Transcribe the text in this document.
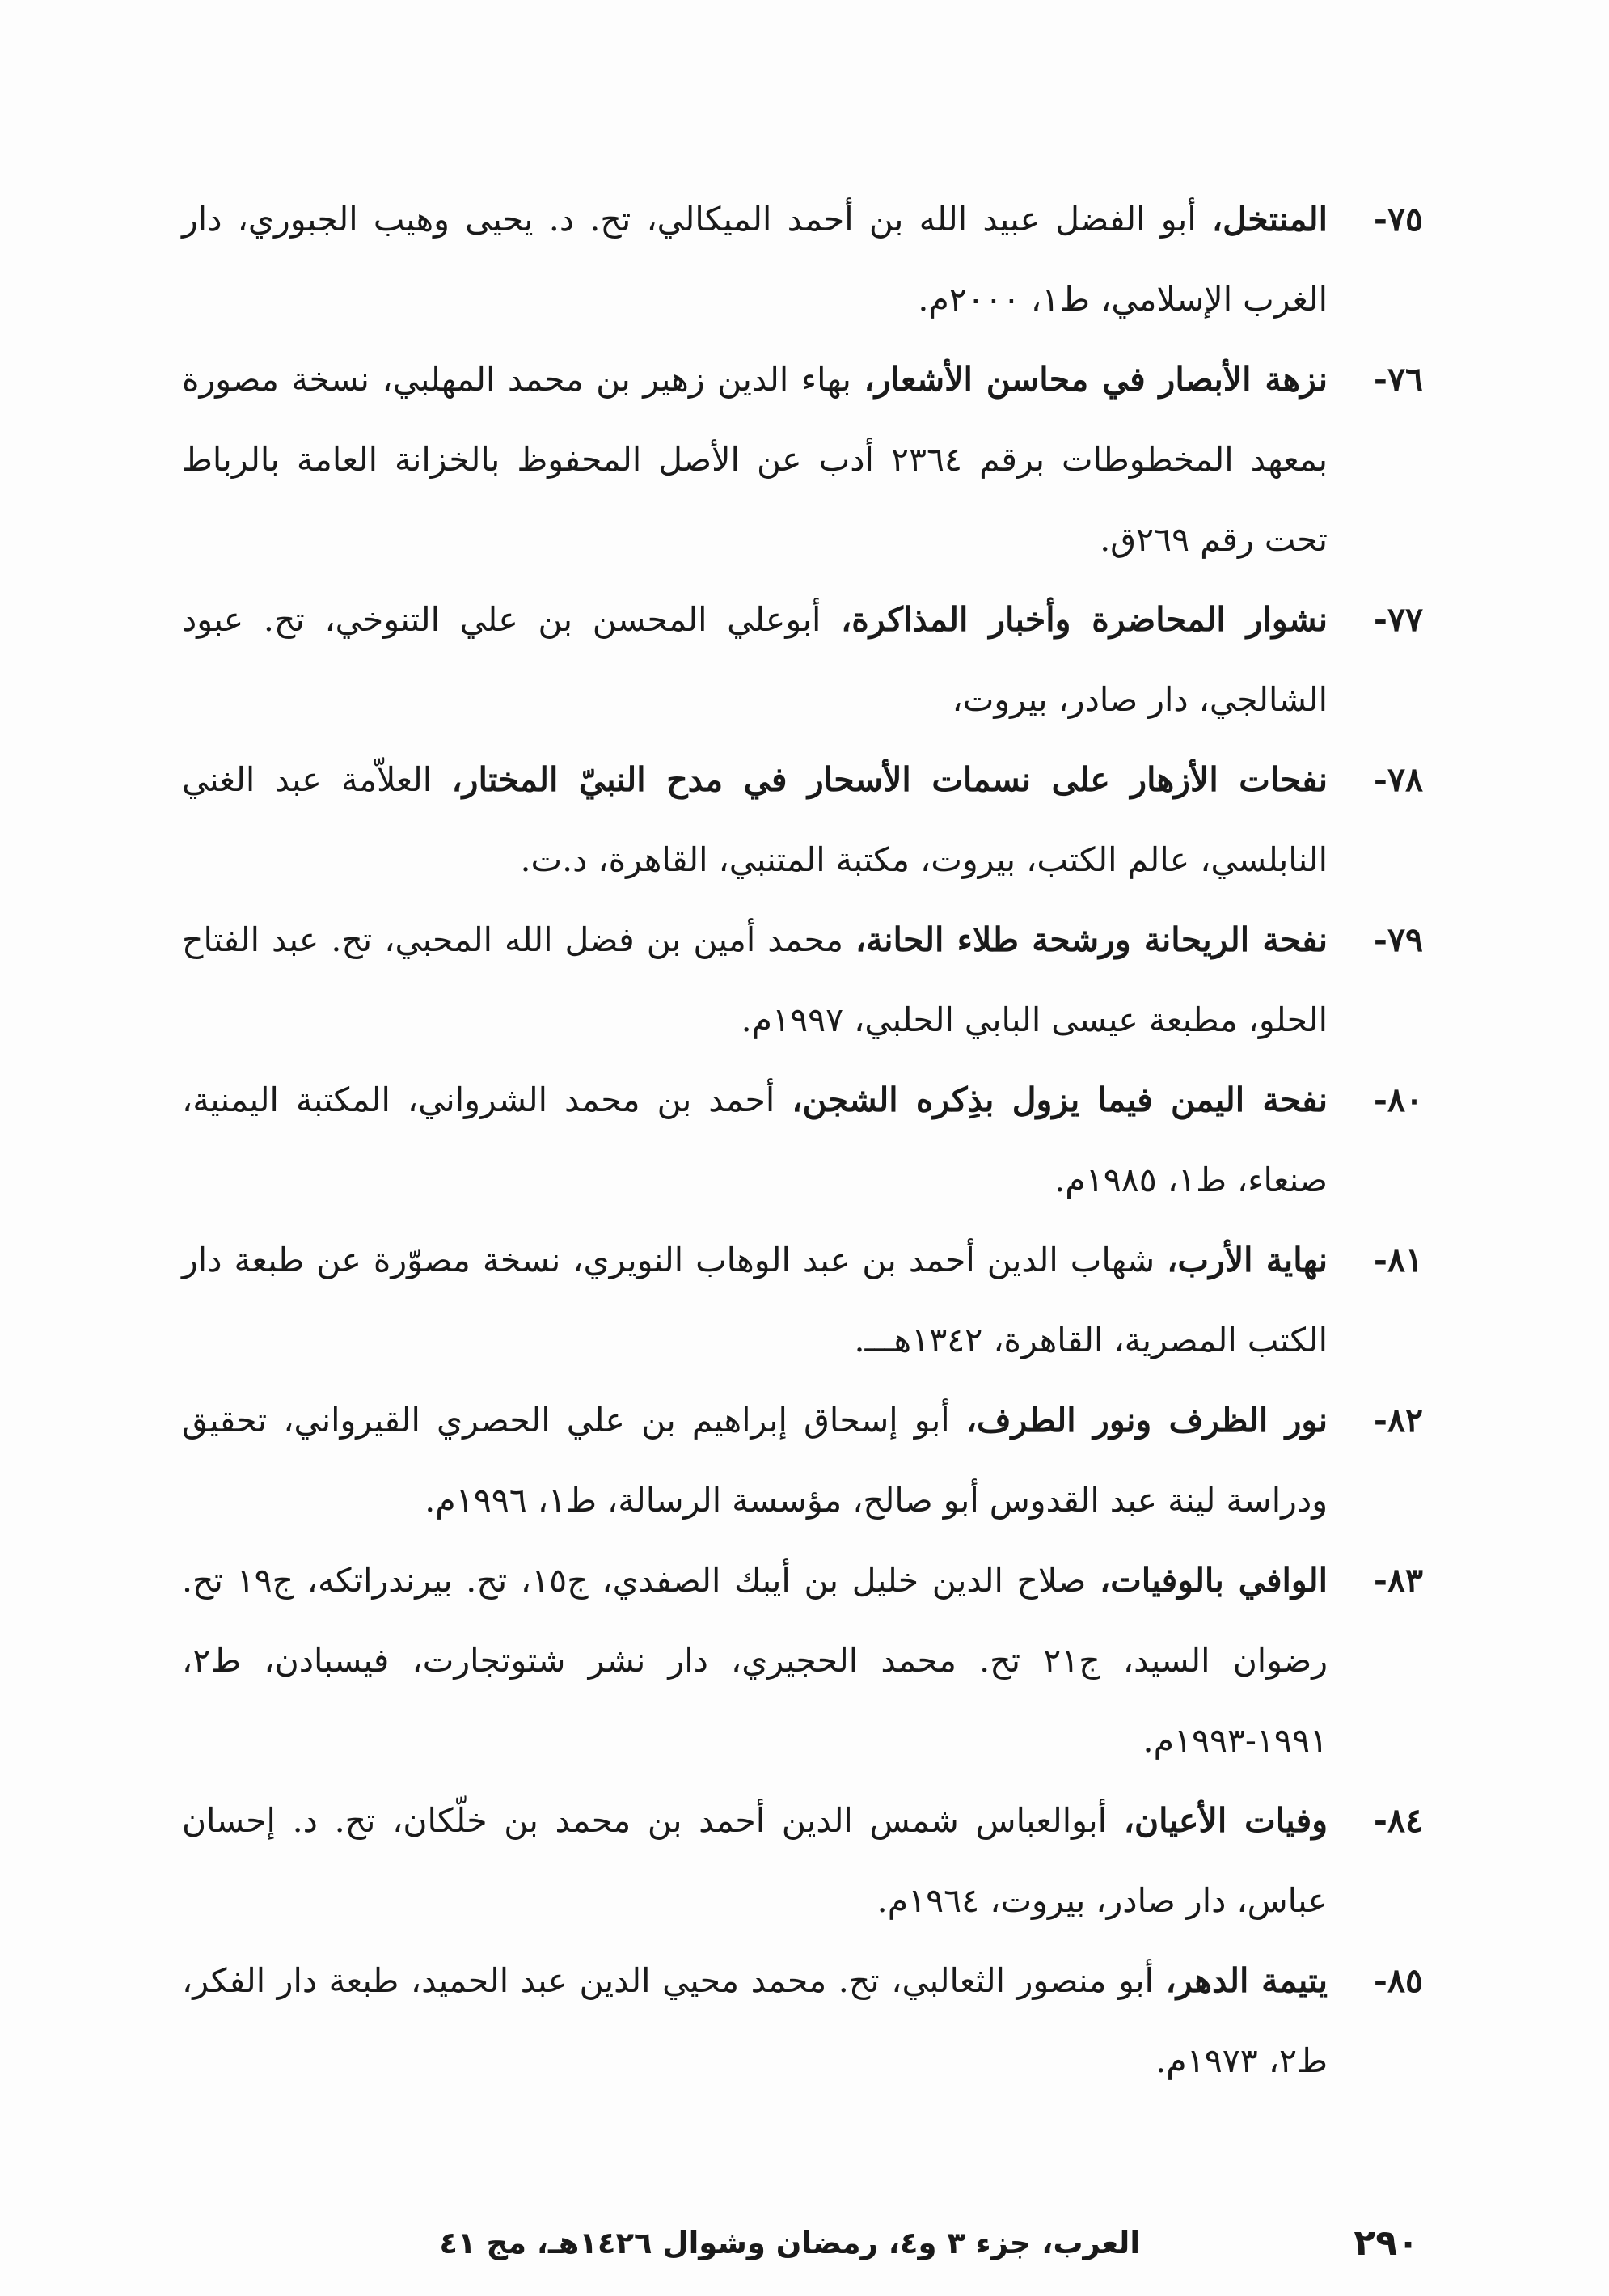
٧٥-
المنتخل، أبو الفضل عبيد الله بن أحمد الميكالي، تح. د. يحيى وهيب الجبوري، دار الغرب الإسلامي، ط١، ٢٠٠٠م.
٧٦-
نزهة الأبصار في محاسن الأشعار، بهاء الدين زهير بن محمد المهلبي، نسخة مصورة بمعهد المخطوطات برقم ٢٣٦٤ أدب عن الأصل المحفوظ بالخزانة العامة بالرباط تحت رقم ٢٦٩ق.
٧٧-
نشوار المحاضرة وأخبار المذاكرة، أبوعلي المحسن بن علي التنوخي، تح. عبود الشالجي، دار صادر، بيروت،
٧٨-
نفحات الأزهار على نسمات الأسحار في مدح النبيّ المختار، العلاّمة عبد الغني النابلسي، عالم الكتب، بيروت، مكتبة المتنبي، القاهرة، د.ت.
٧٩-
نفحة الريحانة ورشحة طلاء الحانة، محمد أمين بن فضل الله المحبي، تح. عبد الفتاح الحلو، مطبعة عيسى البابي الحلبي، ١٩٩٧م.
٨٠-
نفحة اليمن فيما يزول بذِكره الشجن، أحمد بن محمد الشرواني، المكتبة اليمنية، صنعاء، ط١، ١٩٨٥م.
٨١-
نهاية الأرب، شهاب الدين أحمد بن عبد الوهاب النويري، نسخة مصوّرة عن طبعة دار الكتب المصرية، القاهرة، ١٣٤٢هـــ.
٨٢-
نور الظرف ونور الطرف، أبو إسحاق إبراهيم بن علي الحصري القيرواني، تحقيق ودراسة لينة عبد القدوس أبو صالح، مؤسسة الرسالة، ط١، ١٩٩٦م.
٨٣-
الوافي بالوفيات، صلاح الدين خليل بن أيبك الصفدي، ج١٥، تح. بيرندراتكه، ج١٩ تح. رضوان السيد، ج٢١ تح. محمد الحجيري، دار نشر شتوتجارت، فيسبادن، ط٢، ١٩٩١-١٩٩٣م.
٨٤-
وفيات الأعيان، أبوالعباس شمس الدين أحمد بن محمد بن خلّكان، تح. د. إحسان عباس، دار صادر، بيروت، ١٩٦٤م.
٨٥-
يتيمة الدهر، أبو منصور الثعالبي، تح. محمد محيي الدين عبد الحميد، طبعة دار الفكر، ط٢، ١٩٧٣م.
٢٩٠
العرب، جزء ٣ و٤، رمضان وشوال ١٤٢٦هـ، مج ٤١
